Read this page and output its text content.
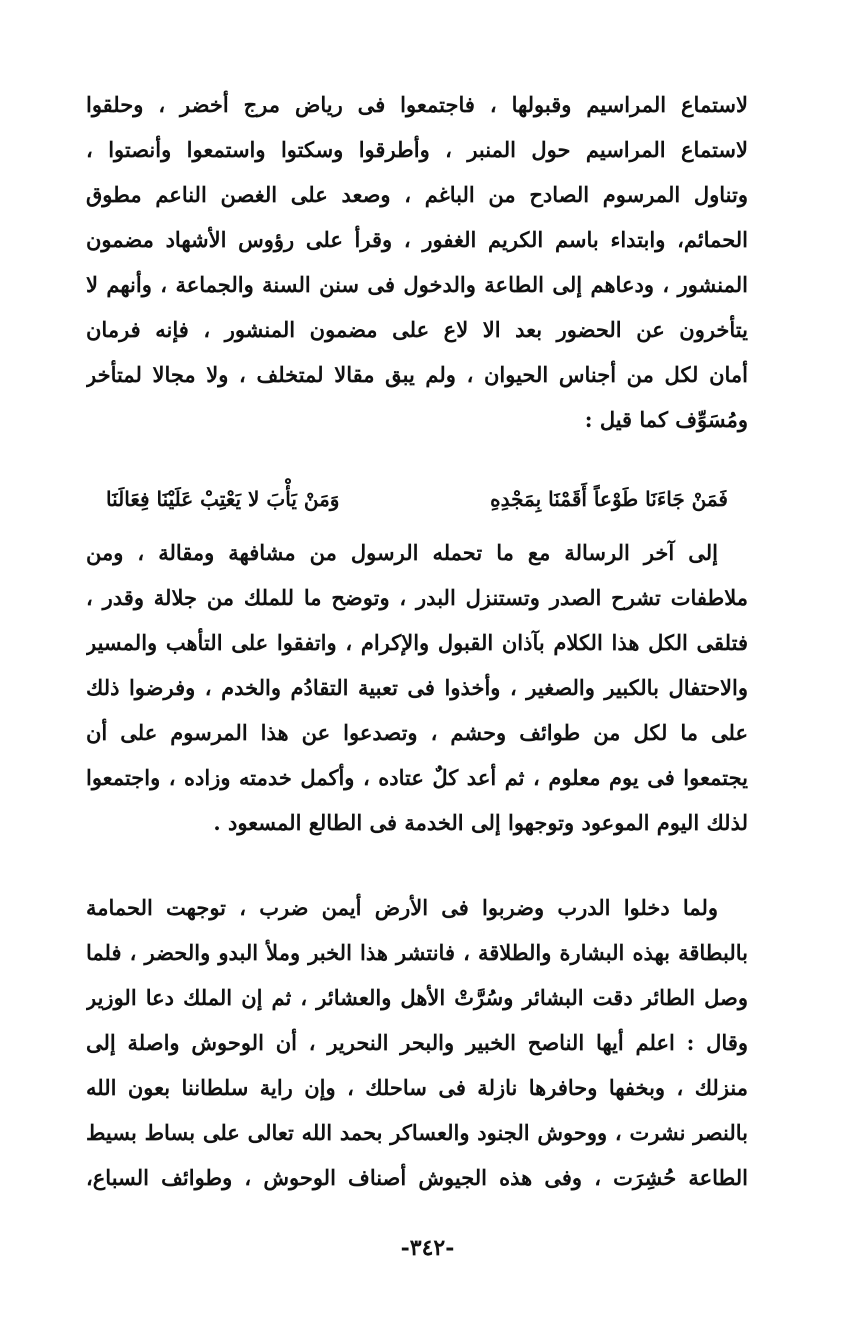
لاستماع المراسيم وقبولها ، فاجتمعوا فى رياض مرج أخضر ، وحلقوا
لاستماع المراسيم حول المنبر ، وأطرقوا وسكتوا واستمعوا وأنصتوا ،
وتناول المرسوم الصادح من الباغم ، وصعد على الغصن الناعم مطوق
الحمائم، وابتداء باسم الكريم الغفور ، وقرأ على رؤوس الأشهاد مضمون
المنشور ، ودعاهم إلى الطاعة والدخول فى سنن السنة والجماعة ، وأنهم لا
يتأخرون عن الحضور بعد الا لاع على مضمون المنشور ، فإنه فرمان
أمان لكل من أجناس الحيوان ، ولم يبق مقالا لمتخلف ، ولا مجالا لمتأخر
ومُسَوِّف كما قيل :
فَمَنْ جَاءَنَا طَوْعاً أَقَمْنَا بِمَجْدِهِ
وَمَنْ يَأْبَ لا يَعْتِبْ عَلَيْنَا فِعَالَنَا
إلى آخر الرسالة مع ما تحمله الرسول من مشافهة ومقالة ، ومن
ملاطفات تشرح الصدر وتستنزل البدر ، وتوضح ما للملك من جلالة وقدر ،
فتلقى الكل هذا الكلام بآذان القبول والإكرام ، واتفقوا على التأهب والمسير
والاحتفال بالكبير والصغير ، وأخذوا فى تعبية التقادُم والخدم ، وفرضوا ذلك
على ما لكل من طوائف وحشم ، وتصدعوا عن هذا المرسوم على أن
يجتمعوا فى يوم معلوم ، ثم أعد كلٌ عتاده ، وأكمل خدمته وزاده ، واجتمعوا
لذلك اليوم الموعود وتوجهوا إلى الخدمة فى الطالع المسعود .
ولما دخلوا الدرب وضربوا فى الأرض أيمن ضرب ، توجهت الحمامة
بالبطاقة بهذه البشارة والطلاقة ، فانتشر هذا الخبر وملأ البدو والحضر ، فلما
وصل الطائر دقت البشائر وسُرَّتْ الأهل والعشائر ، ثم إن الملك دعا الوزير
وقال : اعلم أيها الناصح الخبير والبحر النحرير ، أن الوحوش واصلة إلى
منزلك ، وبخفها وحافرها نازلة فى ساحلك ، وإن راية سلطاننا بعون الله
بالنصر نشرت ، ووحوش الجنود والعساكر بحمد الله تعالى على بساط بسيط
الطاعة حُشِرَت ، وفى هذه الجيوش أصناف الوحوش ، وطوائف السباع،
-٣٤٢-
